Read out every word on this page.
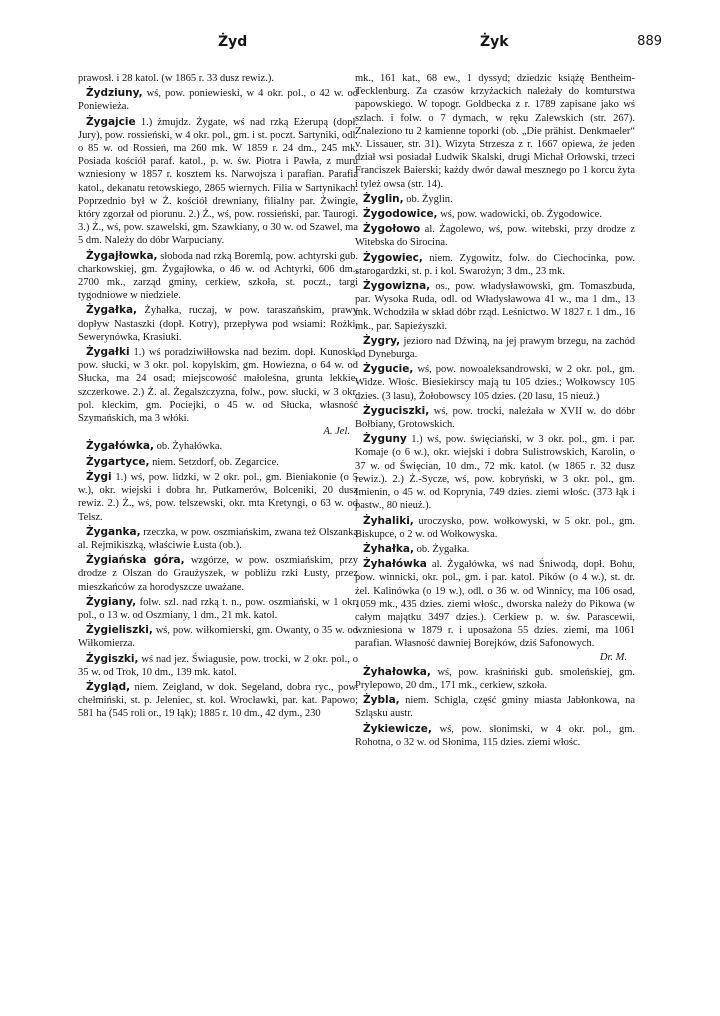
Żyd	Żyk	889

prawosł. i 28 katol. (w 1865 r. 33 dusz rewiz.).

Żydziuny, wś, pow. poniewieski, w 4 okr. pol., o 42 w. od Poniewieża.

Żygajcie 1.) żmujdz. Żygate, wś nad rzką Eżerupą (dopł. Jury), pow. rossieński, w 4 okr. pol., gm. i st. poczt. Sartyniki, odl. o 85 w. od Rossień, ma 260 mk. W 1859 r. 24 dm., 245 mk. Posiada kościół paraf. katol., p. w. św. Piotra i Pawła, z muru wzniesiony w 1857 r. kosztem ks. Narwojsza i parafian. Parafia katol., dekanatu retowskiego, 2865 wiernych. Filia w Sartynikach. Poprzednio był w Ż. kościół drewniany, filialny par. Żwingie, który zgorzał od piorunu. 2.) Ż., wś, pow. rossieński, par. Taurogi. 3.) Ż., wś, pow. szawelski, gm. Szawkiany, o 30 w. od Szawel, ma 5 dm. Należy do dóbr Warpuciany.

Żygajłowka, słoboda nad rzką Boremlą, pow. achtyrski gub. charkowskiej, gm. Żygajłowka, o 46 w. od Achtyrki, 606 dm., 2700 mk., zarząd gminy, cerkiew, szkoła, st. poczt., targi tygodniowe w niedziele.

Żygałka, Żyhałka, ruczaj, w pow. taraszańskim, prawy dopływ Nastaszki (dopł. Kotry), przepływa pod wsiami: Rożki, Sewerynówka, Krasiuki.

Żygałki 1.) wś poradziwiłłowska nad bezim. dopł. Kunoski, pow. słucki, w 3 okr. pol. kopylskim, gm. Howiezna, o 64 w. od Słucka, ma 24 osad; miejscowość małoleśna, grunta lekkie, szczerkowe. 2.) Ż. al. Żegalszczyzna, folw., pow. słucki, w 3 okr. pol. kleckim, gm. Pociejki, o 45 w. od Słucka, własność Szymańskich, ma 3 włóki.
A. Jel.

Żygałówka, ob. Żyhałówka.

Żygartyce, niem. Setzdorf, ob. Zegarcice.

Żygi 1.) wś, pow. lidzki, w 2 okr. pol., gm. Bieniakonie (o 5 w.), okr. wiejski i dobra hr. Putkamerów, Bolceniki, 20 dusz rewiz. 2.) Ż., wś, pow. telszewski, okr. mta Kretyngi, o 63 w. od Telsz.

Żyganka, rzeczka, w pow. oszmiańskim, zwana też Olszanką al. Rejmikiszką, właściwie Łusta (ob.).

Żygiańska góra, wzgórze, w pow. oszmiańskim, przy drodze z Olszan do Graużyszek, w pobliżu rzki Łusty, przez mieszkańców za horodyszcze uważane.

Żygiany, folw. szl. nad rzką t. n., pow. oszmiański, w 1 okr. pol., o 13 w. od Oszmiany, 1 dm., 21 mk. katol.

Żygieliszki, wś, pow. wiłkomierski, gm. Owanty, o 35 w. od Wiłkomierza.

Żygiszki, wś nad jez. Świagusie, pow. trocki, w 2 okr. pol., o 35 w. od Trok, 10 dm., 139 mk. katol.

Żygląd, niem. Zeigland, w dok. Segeland, dobra ryc., pow. chełmiński, st. p. Jeleniec, st. kol. Wrocławki, par. kat. Papowo; 581 ha (545 roli or., 19 łąk); 1885 r. 10 dm., 42 dym., 230

mk., 161 kat., 68 ew., 1 dyssyd; dziedzic książę Bentheim-Tecklenburg. Za czasów krzyżackich należały do komturstwa papowskiego. W topogr. Goldbecka z r. 1789 zapisane jako wś szlach. i folw. o 7 dymach, w ręku Zalewskich (str. 267). Znaleziono tu 2 kamienne toporki (ob. „Die prähist. Denkmaeler“ v. Lissauer, str. 31). Wizyta Strzesza z r. 1667 opiewa, że jeden dział wsi posiadał Ludwik Skalski, drugi Michał Orłowski, trzeci Franciszek Baierski; każdy dwór dawał mesznego po 1 korcu żyta i tyleż owsa (str. 14).

Żyglin, ob. Żyglin.

Żygodowice, wś, pow. wadowicki, ob. Żygodowice.

Żygołowo al. Żagolewo, wś, pow. witebski, przy drodze z Witebska do Sirocina.

Żygowiec, niem. Zygowitz, folw. do Ciechocinka, pow. starogardzki, st. p. i kol. Swarożyn; 3 dm., 23 mk.

Żygowizna, os., pow. władysławowski, gm. Tomaszbuda, par. Wysoka Ruda, odl. od Władysławowa 41 w., ma 1 dm., 13 mk. Wchodziła w skład dóbr rząd. Leśnictwo. W 1827 r. 1 dm., 16 mk., par. Sapieżyszki.

Żygry, jezioro nad Dźwiną, na jej prawym brzegu, na zachód od Dyneburga.

Żygucie, wś, pow. nowoaleksandrowski, w 2 okr. pol., gm. Widze. Włośc. Biesiekirscy mają tu 105 dzies.; Wołkowscy 105 dzies. (3 lasu), Żołobowscy 105 dzies. (20 lasu, 15 nieuż.)

Żyguciszki, wś, pow. trocki, należała w XVII w. do dóbr Bołbiany, Grotowskich.

Żyguny 1.) wś, pow. święciański, w 3 okr. pol., gm. i par. Komaje (o 6 w.), okr. wiejski i dobra Sulistrowskich, Karolin, o 37 w. od Święcian, 10 dm., 72 mk. katol. (w 1865 r. 32 dusz rewiz.). 2.) Ż.-Sycze, wś, pow. kobryński, w 3 okr. pol., gm. Imienin, o 45 w. od Koprynia, 749 dzies. ziemi włośc. (373 łąk i pastw., 80 nieuż.).

Żyhaliki, uroczysko, pow. wołkowyski, w 5 okr. pol., gm. Biskupce, o 2 w. od Wołkowyska.

Żyhałka, ob. Żygałka.

Żyhałówka al. Żygałówka, wś nad Śniwodą, dopł. Bohu, pow. winnicki, okr. pol., gm. i par. katol. Pików (o 4 w.), st. dr. żel. Kalinówka (o 19 w.), odl. o 36 w. od Winnicy, ma 106 osad, 1059 mk., 435 dzies. ziemi włośc., dworska należy do Pikowa (w całym majątku 3497 dzies.). Cerkiew p. w. św. Parascewii, wzniesiona w 1879 r. i uposażona 55 dzies. ziemi, ma 1061 parafian. Własność dawniej Borejków, dziś Safonowych.
Dr. M.

Żyhałowka, wś, pow. kraśniński gub. smoleńskiej, gm. Prylepowo, 20 dm., 171 mk., cerkiew, szkoła.

Żybla, niem. Schigla, część gminy miasta Jabłonkowa, na Szląsku austr.

Żykiewicze, wś, pow. słonimski, w 4 okr. pol., gm. Rohotna, o 32 w. od Słonima, 115 dzies. ziemi włośc.
